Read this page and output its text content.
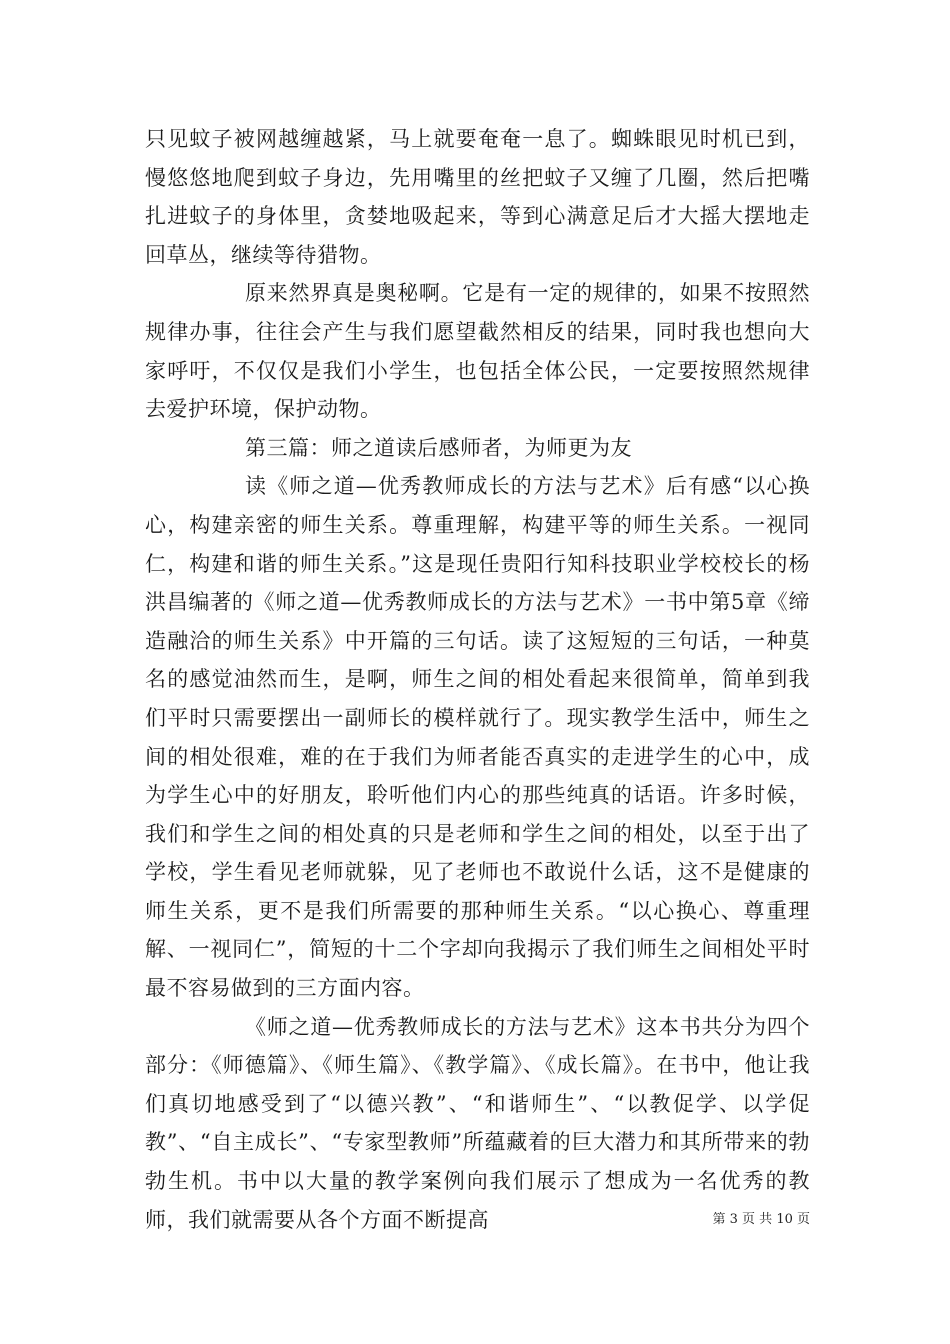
只见蚊子被网越缠越紧，马上就要奄奄一息了。蜘蛛眼见时机已到，慢悠悠地爬到蚊子身边，先用嘴里的丝把蚊子又缠了几圈，然后把嘴扎进蚊子的身体里，贪婪地吸起来，等到心满意足后才大摇大摆地走回草丛，继续等待猎物。

原来然界真是奥秘啊。它是有一定的规律的，如果不按照然规律办事，往往会产生与我们愿望截然相反的结果，同时我也想向大家呼吁，不仅仅是我们小学生，也包括全体公民，一定要按照然规律去爱护环境，保护动物。

第三篇：师之道读后感师者，为师更为友

读《师之道—优秀教师成长的方法与艺术》后有感“以心换心，构建亲密的师生关系。尊重理解，构建平等的师生关系。一视同仁，构建和谐的师生关系。”这是现任贵阳行知科技职业学校校长的杨洪昌编著的《师之道—优秀教师成长的方法与艺术》一书中第5章《缔造融洽的师生关系》中开篇的三句话。读了这短短的三句话，一种莫名的感觉油然而生，是啊，师生之间的相处看起来很简单，简单到我们平时只需要摆出一副师长的模样就行了。现实教学生活中，师生之间的相处很难，难的在于我们为师者能否真实的走进学生的心中，成为学生心中的好朋友，聆听他们内心的那些纯真的话语。许多时候，我们和学生之间的相处真的只是老师和学生之间的相处，以至于出了学校，学生看见老师就躲，见了老师也不敢说什么话，这不是健康的师生关系，更不是我们所需要的那种师生关系。“以心换心、尊重理解、一视同仁”，简短的十二个字却向我揭示了我们师生之间相处平时最不容易做到的三方面内容。

《师之道—优秀教师成长的方法与艺术》这本书共分为四个部分：《师德篇》、《师生篇》、《教学篇》、《成长篇》。在书中，他让我们真切地感受到了“以德兴教”、“和谐师生”、“以教促学、以学促教”、“自主成长”、“专家型教师”所蕴藏着的巨大潜力和其所带来的勃勃生机。书中以大量的教学案例向我们展示了想成为一名优秀的教师，我们就需要从各个方面不断提高	第 3 页 共 10 页
